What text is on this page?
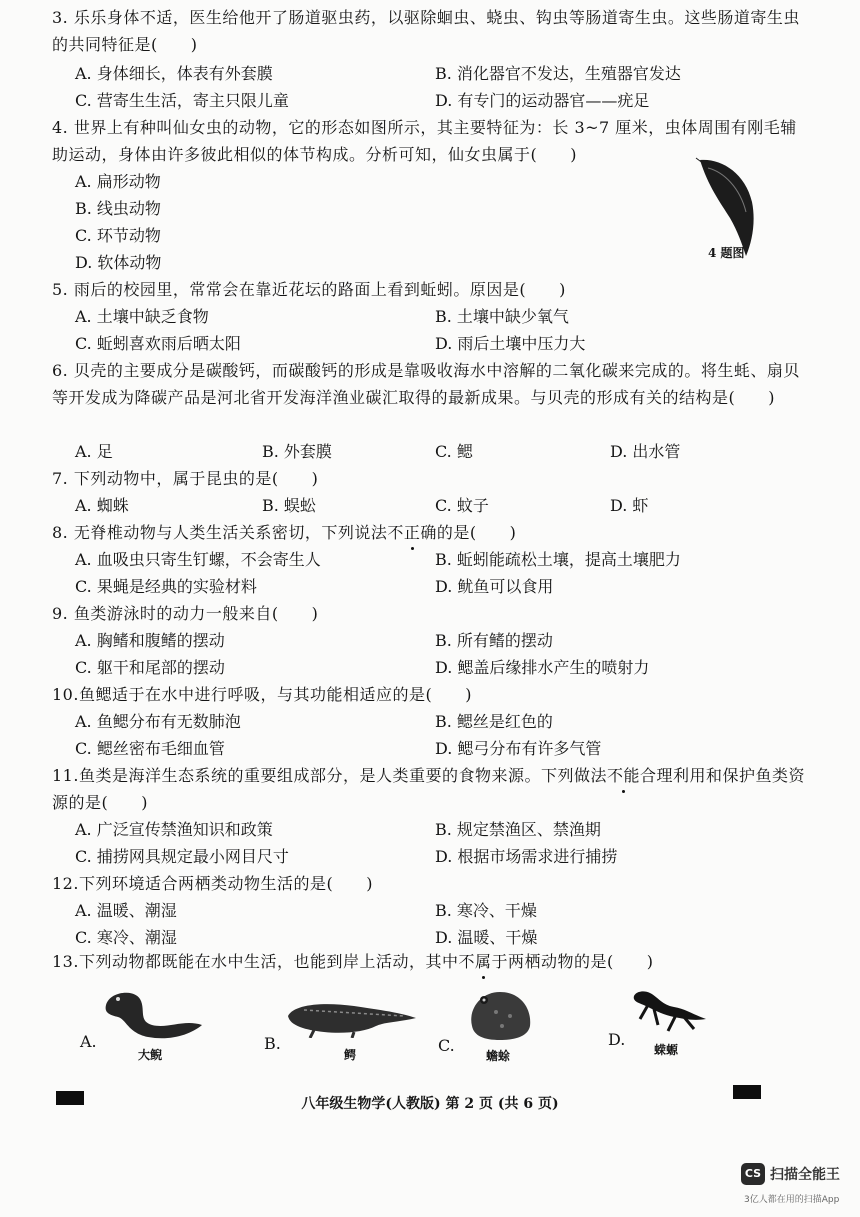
3. 乐乐身体不适，医生给他开了肠道驱虫药，以驱除蛔虫、蛲虫、钩虫等肠道寄生虫。这些肠道寄生虫的共同特征是(　　)
A. 身体细长，体表有外套膜	B. 消化器官不发达，生殖器官发达
C. 营寄生生活，寄主只限儿童	D. 有专门的运动器官——疣足
4. 世界上有种叫仙女虫的动物，它的形态如图所示，其主要特征为：长 3~7 厘米，虫体周围有刚毛辅助运动，身体由许多彼此相似的体节构成。分析可知，仙女虫属于(　　)
A. 扁形动物
B. 线虫动物
C. 环节动物
D. 软体动物	4 题图
5. 雨后的校园里，常常会在靠近花坛的路面上看到蚯蚓。原因是(　　)
A. 土壤中缺乏食物	B. 土壤中缺少氧气
C. 蚯蚓喜欢雨后晒太阳	D. 雨后土壤中压力大
6. 贝壳的主要成分是碳酸钙，而碳酸钙的形成是靠吸收海水中溶解的二氧化碳来完成的。将生蚝、扇贝等开发成为降碳产品是河北省开发海洋渔业碳汇取得的最新成果。与贝壳的形成有关的结构是(　　)
A. 足	B. 外套膜	C. 鳃	D. 出水管
7. 下列动物中，属于昆虫的是(　　)
A. 蜘蛛	B. 蜈蚣	C. 蚊子	D. 虾
8. 无脊椎动物与人类生活关系密切，下列说法不正确的是(　　)
A. 血吸虫只寄生钉螺，不会寄生人	B. 蚯蚓能疏松土壤，提高土壤肥力
C. 果蝇是经典的实验材料	D. 鱿鱼可以食用
9. 鱼类游泳时的动力一般来自(　　)
A. 胸鳍和腹鳍的摆动	B. 所有鳍的摆动
C. 躯干和尾部的摆动	D. 鳃盖后缘排水产生的喷射力
10.鱼鳃适于在水中进行呼吸，与其功能相适应的是(　　)
A. 鱼鳃分布有无数肺泡	B. 鳃丝是红色的
C. 鳃丝密布毛细血管	D. 鳃弓分布有许多气管
11.鱼类是海洋生态系统的重要组成部分，是人类重要的食物来源。下列做法不能合理利用和保护鱼类资源的是(　　)
A. 广泛宣传禁渔知识和政策	B. 规定禁渔区、禁渔期
C. 捕捞网具规定最小网目尺寸	D. 根据市场需求进行捕捞
12.下列环境适合两栖类动物生活的是(　　)
A. 温暖、潮湿	B. 寒冷、干燥
C. 寒冷、潮湿	D. 温暖、干燥
13.下列动物都既能在水中生活，也能到岸上活动，其中不属于两栖动物的是(　　)
A.
大鲵
B.
鳄	C.
蟾蜍
D.
蝾螈
八年级生物学(人教版) 第 2 页 (共 6 页)
CS 扫描全能王
3亿人都在用的扫描App
